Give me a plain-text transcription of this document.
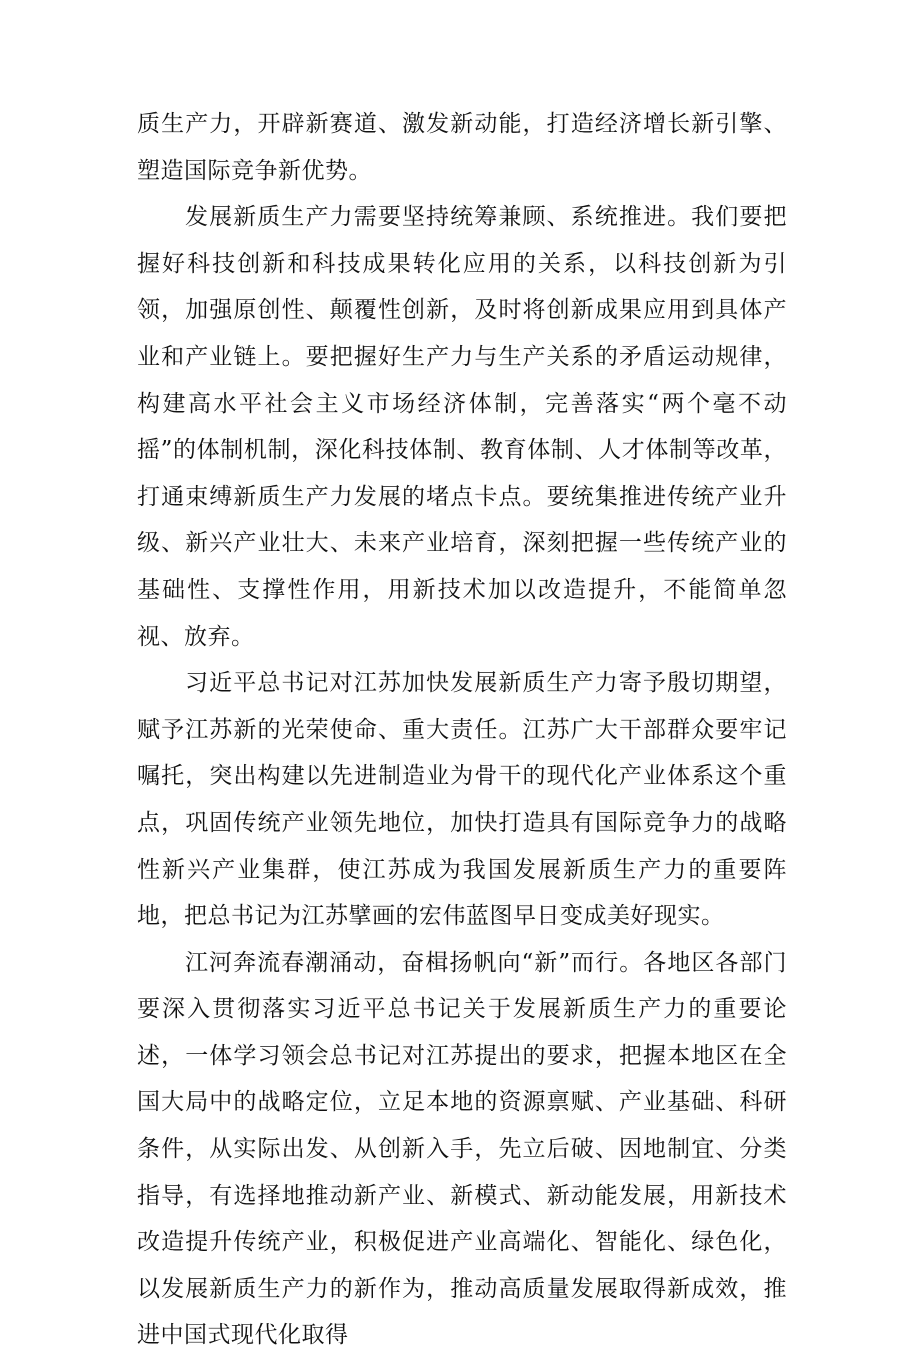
质生产力，开辟新赛道、激发新动能，打造经济增长新引擎、塑造国际竞争新优势。

发展新质生产力需要坚持统筹兼顾、系统推进。我们要把握好科技创新和科技成果转化应用的关系，以科技创新为引领，加强原创性、颠覆性创新，及时将创新成果应用到具体产业和产业链上。要把握好生产力与生产关系的矛盾运动规律，构建高水平社会主义市场经济体制，完善落实“两个毫不动摇”的体制机制，深化科技体制、教育体制、人才体制等改革，打通束缚新质生产力发展的堵点卡点。要统集推进传统产业升级、新兴产业壮大、未来产业培育，深刻把握一些传统产业的基础性、支撑性作用，用新技术加以改造提升，不能简单忽视、放弃。

习近平总书记对江苏加快发展新质生产力寄予殷切期望，赋予江苏新的光荣使命、重大责任。江苏广大干部群众要牢记嘱托，突出构建以先进制造业为骨干的现代化产业体系这个重点，巩固传统产业领先地位，加快打造具有国际竞争力的战略性新兴产业集群，使江苏成为我国发展新质生产力的重要阵地，把总书记为江苏擘画的宏伟蓝图早日变成美好现实。

江河奔流春潮涌动，奋楫扬帆向“新”而行。各地区各部门要深入贯彻落实习近平总书记关于发展新质生产力的重要论述，一体学习领会总书记对江苏提出的要求，把握本地区在全国大局中的战略定位，立足本地的资源禀赋、产业基础、科研条件，从实际出发、从创新入手，先立后破、因地制宜、分类指导，有选择地推动新产业、新模式、新动能发展，用新技术改造提升传统产业，积极促进产业高端化、智能化、绿色化，以发展新质生产力的新作为，推动高质量发展取得新成效，推进中国式现代化取得
